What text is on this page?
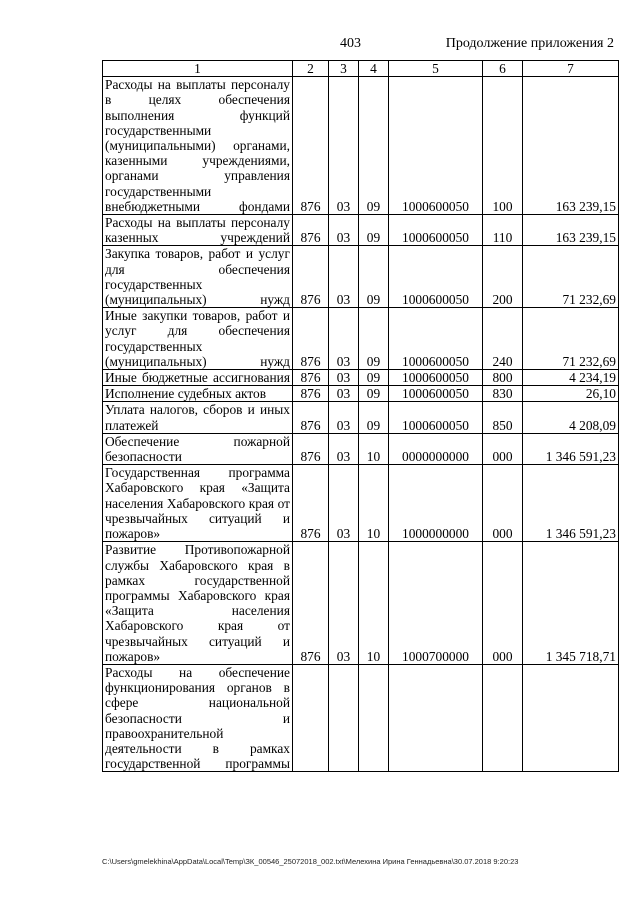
403	Продолжение приложения 2
1	2	3	4	5	6	7
Расходы на выплаты персоналу в целях обеспечения выполнения функций государственными (муниципальными) органами, казенными учреждениями, органами управления государственными внебюджетными фондами	876	03	09	1000600050	100	163 239,15
Расходы на выплаты персоналу казенных учреждений	876	03	09	1000600050	110	163 239,15
Закупка товаров, работ и услуг для обеспечения государственных (муниципальных) нужд	876	03	09	1000600050	200	71 232,69
Иные закупки товаров, работ и услуг для обеспечения государственных (муниципальных) нужд	876	03	09	1000600050	240	71 232,69
Иные бюджетные ассигнования	876	03	09	1000600050	800	4 234,19
Исполнение судебных актов	876	03	09	1000600050	830	26,10
Уплата налогов, сборов и иных платежей	876	03	09	1000600050	850	4 208,09
Обеспечение пожарной безопасности	876	03	10	0000000000	000	1 346 591,23
Государственная программа Хабаровского края «Защита населения Хабаровского края от чрезвычайных ситуаций и пожаров»	876	03	10	1000000000	000	1 346 591,23
Развитие Противопожарной службы Хабаровского края в рамках государственной программы Хабаровского края «Защита населения Хабаровского края от чрезвычайных ситуаций и пожаров»	876	03	10	1000700000	000	1 345 718,71
Расходы на обеспечение функционирования органов в сфере национальной безопасности и правоохранительной деятельности в рамках государственной программы						
C:\Users\gmelekhina\AppData\Local\Temp\ЗК_00546_25072018_002.txt\Мелехина Ирина Геннадьевна\30.07.2018 9:20:23
